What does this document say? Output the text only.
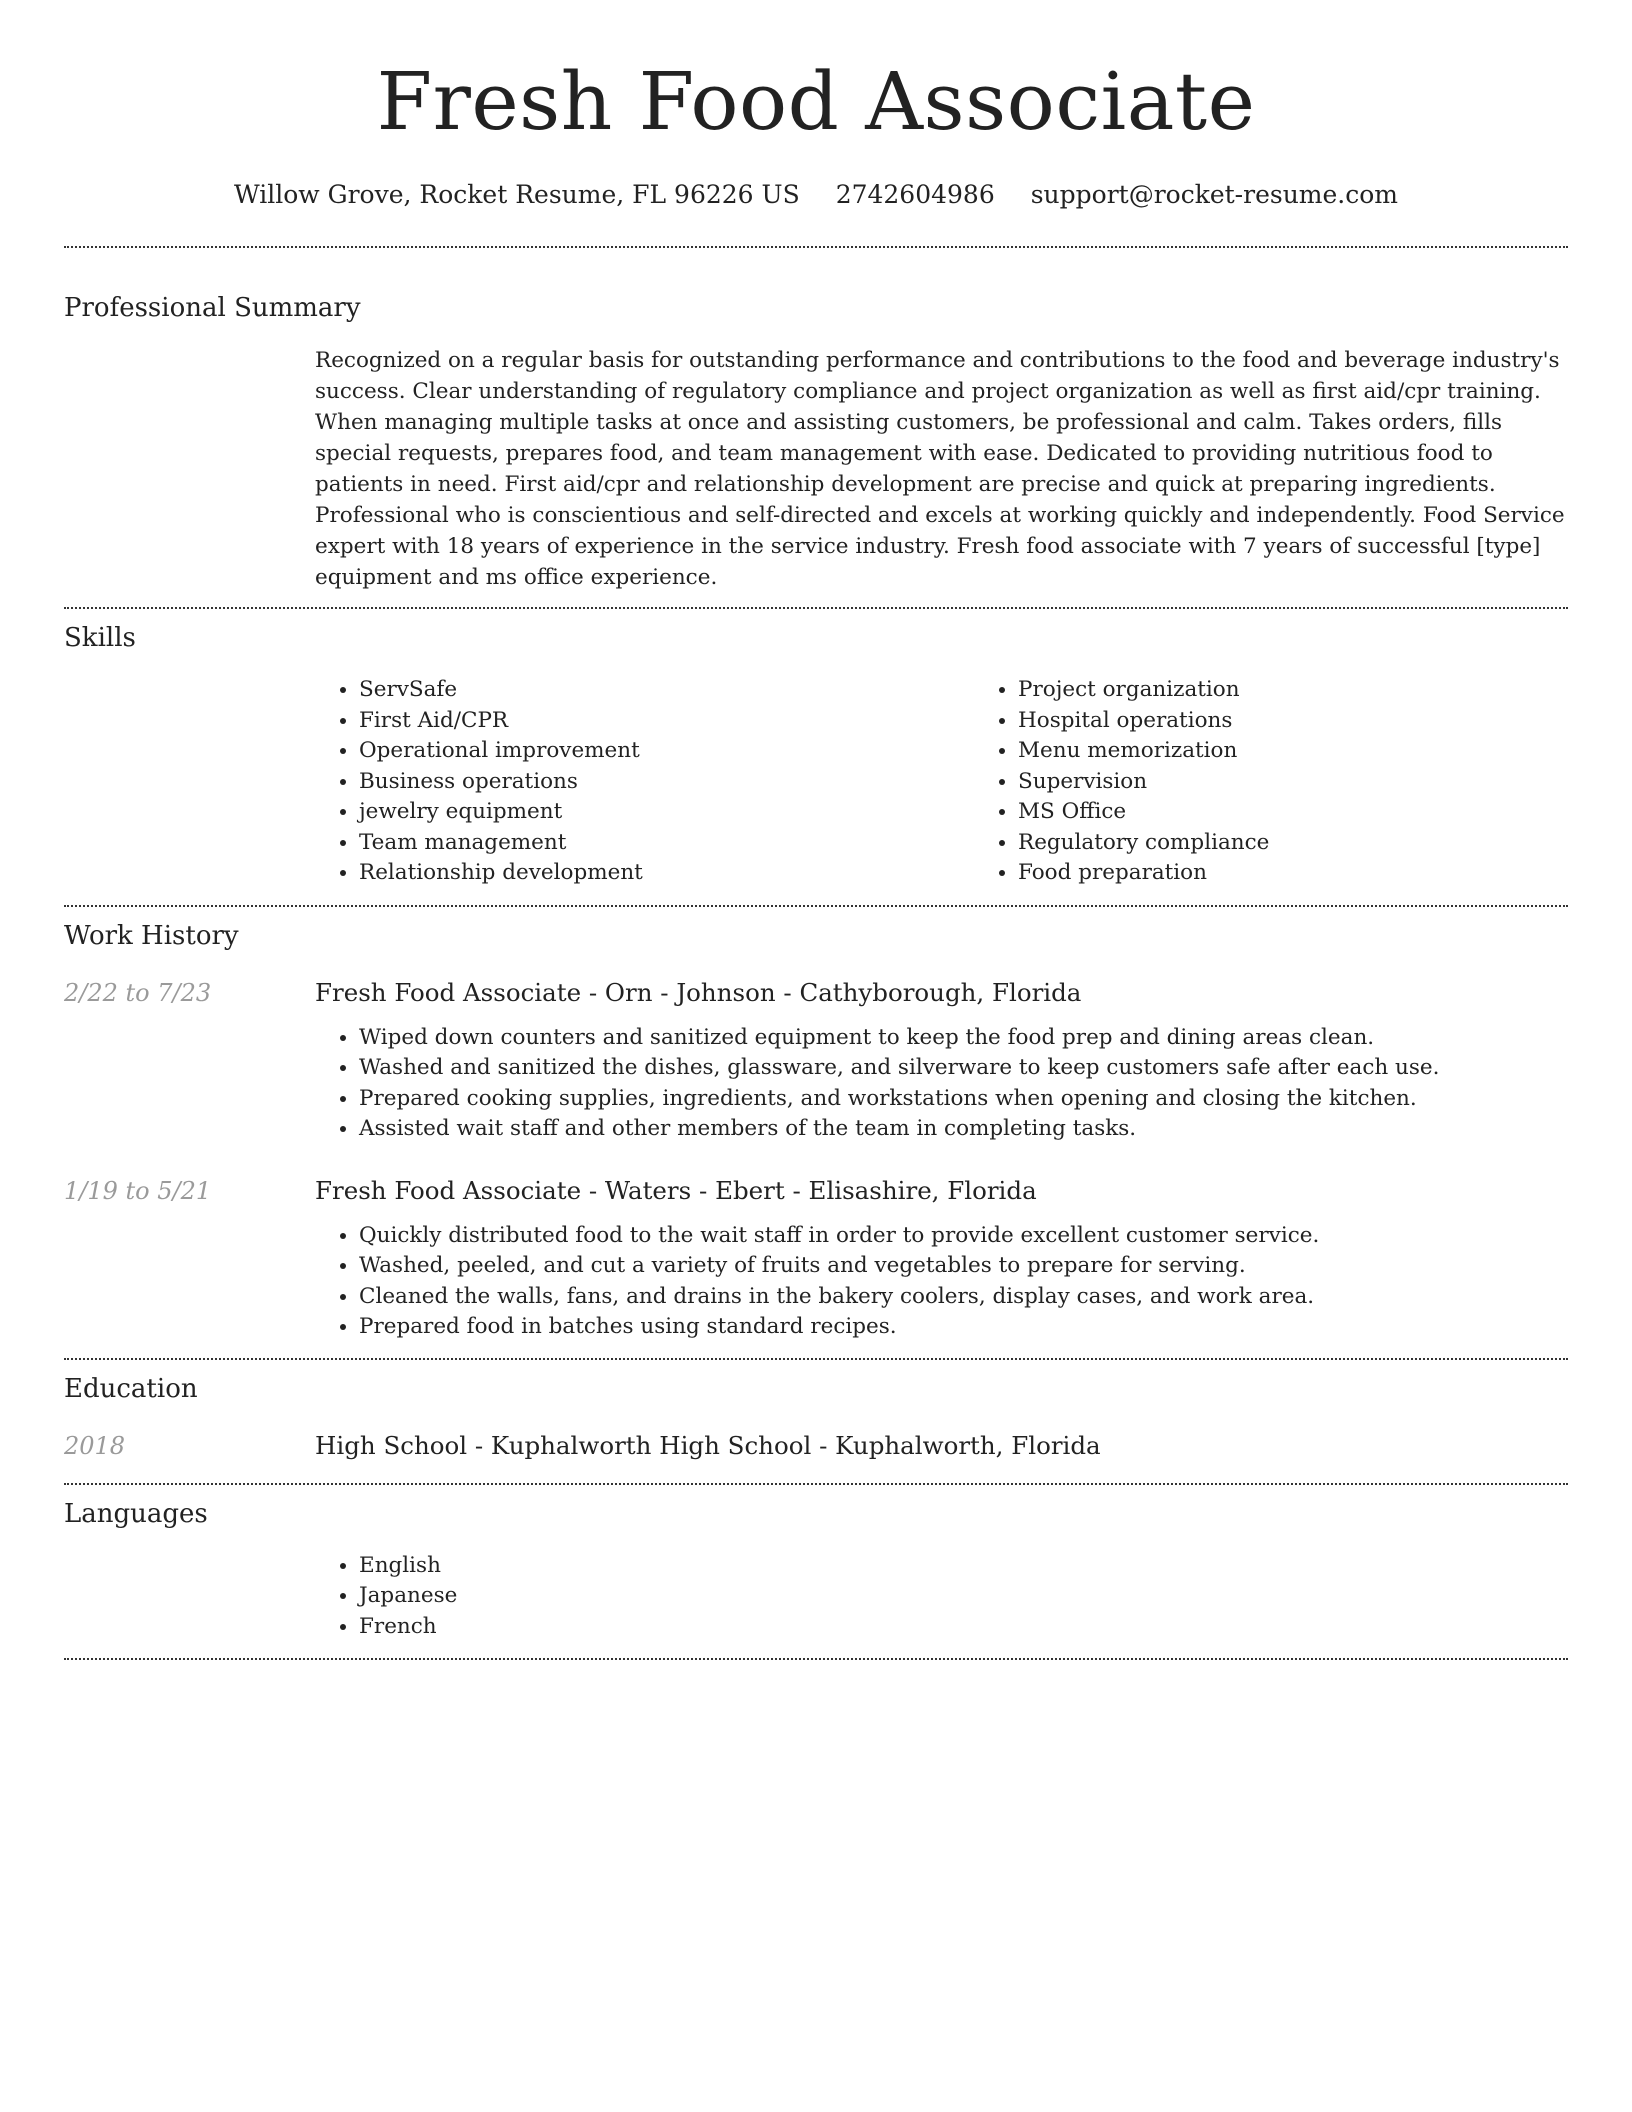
Fresh Food Associate
Willow Grove, Rocket Resume, FL 96226 US 2742604986 support@rocket-resume.com
Professional Summary

Recognized on a regular basis for outstanding performance and contributions to the food and beverage industry's success. Clear understanding of regulatory compliance and project organization as well as first aid/cpr training. When managing multiple tasks at once and assisting customers, be professional and calm. Takes orders, fills special requests, prepares food, and team management with ease. Dedicated to providing nutritious food to patients in need. First aid/cpr and relationship development are precise and quick at preparing ingredients. Professional who is conscientious and self-directed and excels at working quickly and independently. Food Service expert with 18 years of experience in the service industry. Fresh food associate with 7 years of successful [type] equipment and ms office experience.

Skills
• ServSafe
• First Aid/CPR
• Operational improvement
• Business operations
• jewelry equipment
• Team management
• Relationship development
• Project organization
• Hospital operations
• Menu memorization
• Supervision
• MS Office
• Regulatory compliance
• Food preparation
Work History
2/22 to 7/23	Fresh Food Associate - Orn - Johnson - Cathyborough, Florida
• Wiped down counters and sanitized equipment to keep the food prep and dining areas clean.
• Washed and sanitized the dishes, glassware, and silverware to keep customers safe after each use.
• Prepared cooking supplies, ingredients, and workstations when opening and closing the kitchen.
• Assisted wait staff and other members of the team in completing tasks.
1/19 to 5/21	Fresh Food Associate - Waters - Ebert - Elisashire, Florida
• Quickly distributed food to the wait staff in order to provide excellent customer service.
• Washed, peeled, and cut a variety of fruits and vegetables to prepare for serving.
• Cleaned the walls, fans, and drains in the bakery coolers, display cases, and work area.
• Prepared food in batches using standard recipes.
Education
2018	High School - Kuphalworth High School - Kuphalworth, Florida
Languages
• English
• Japanese
• French
